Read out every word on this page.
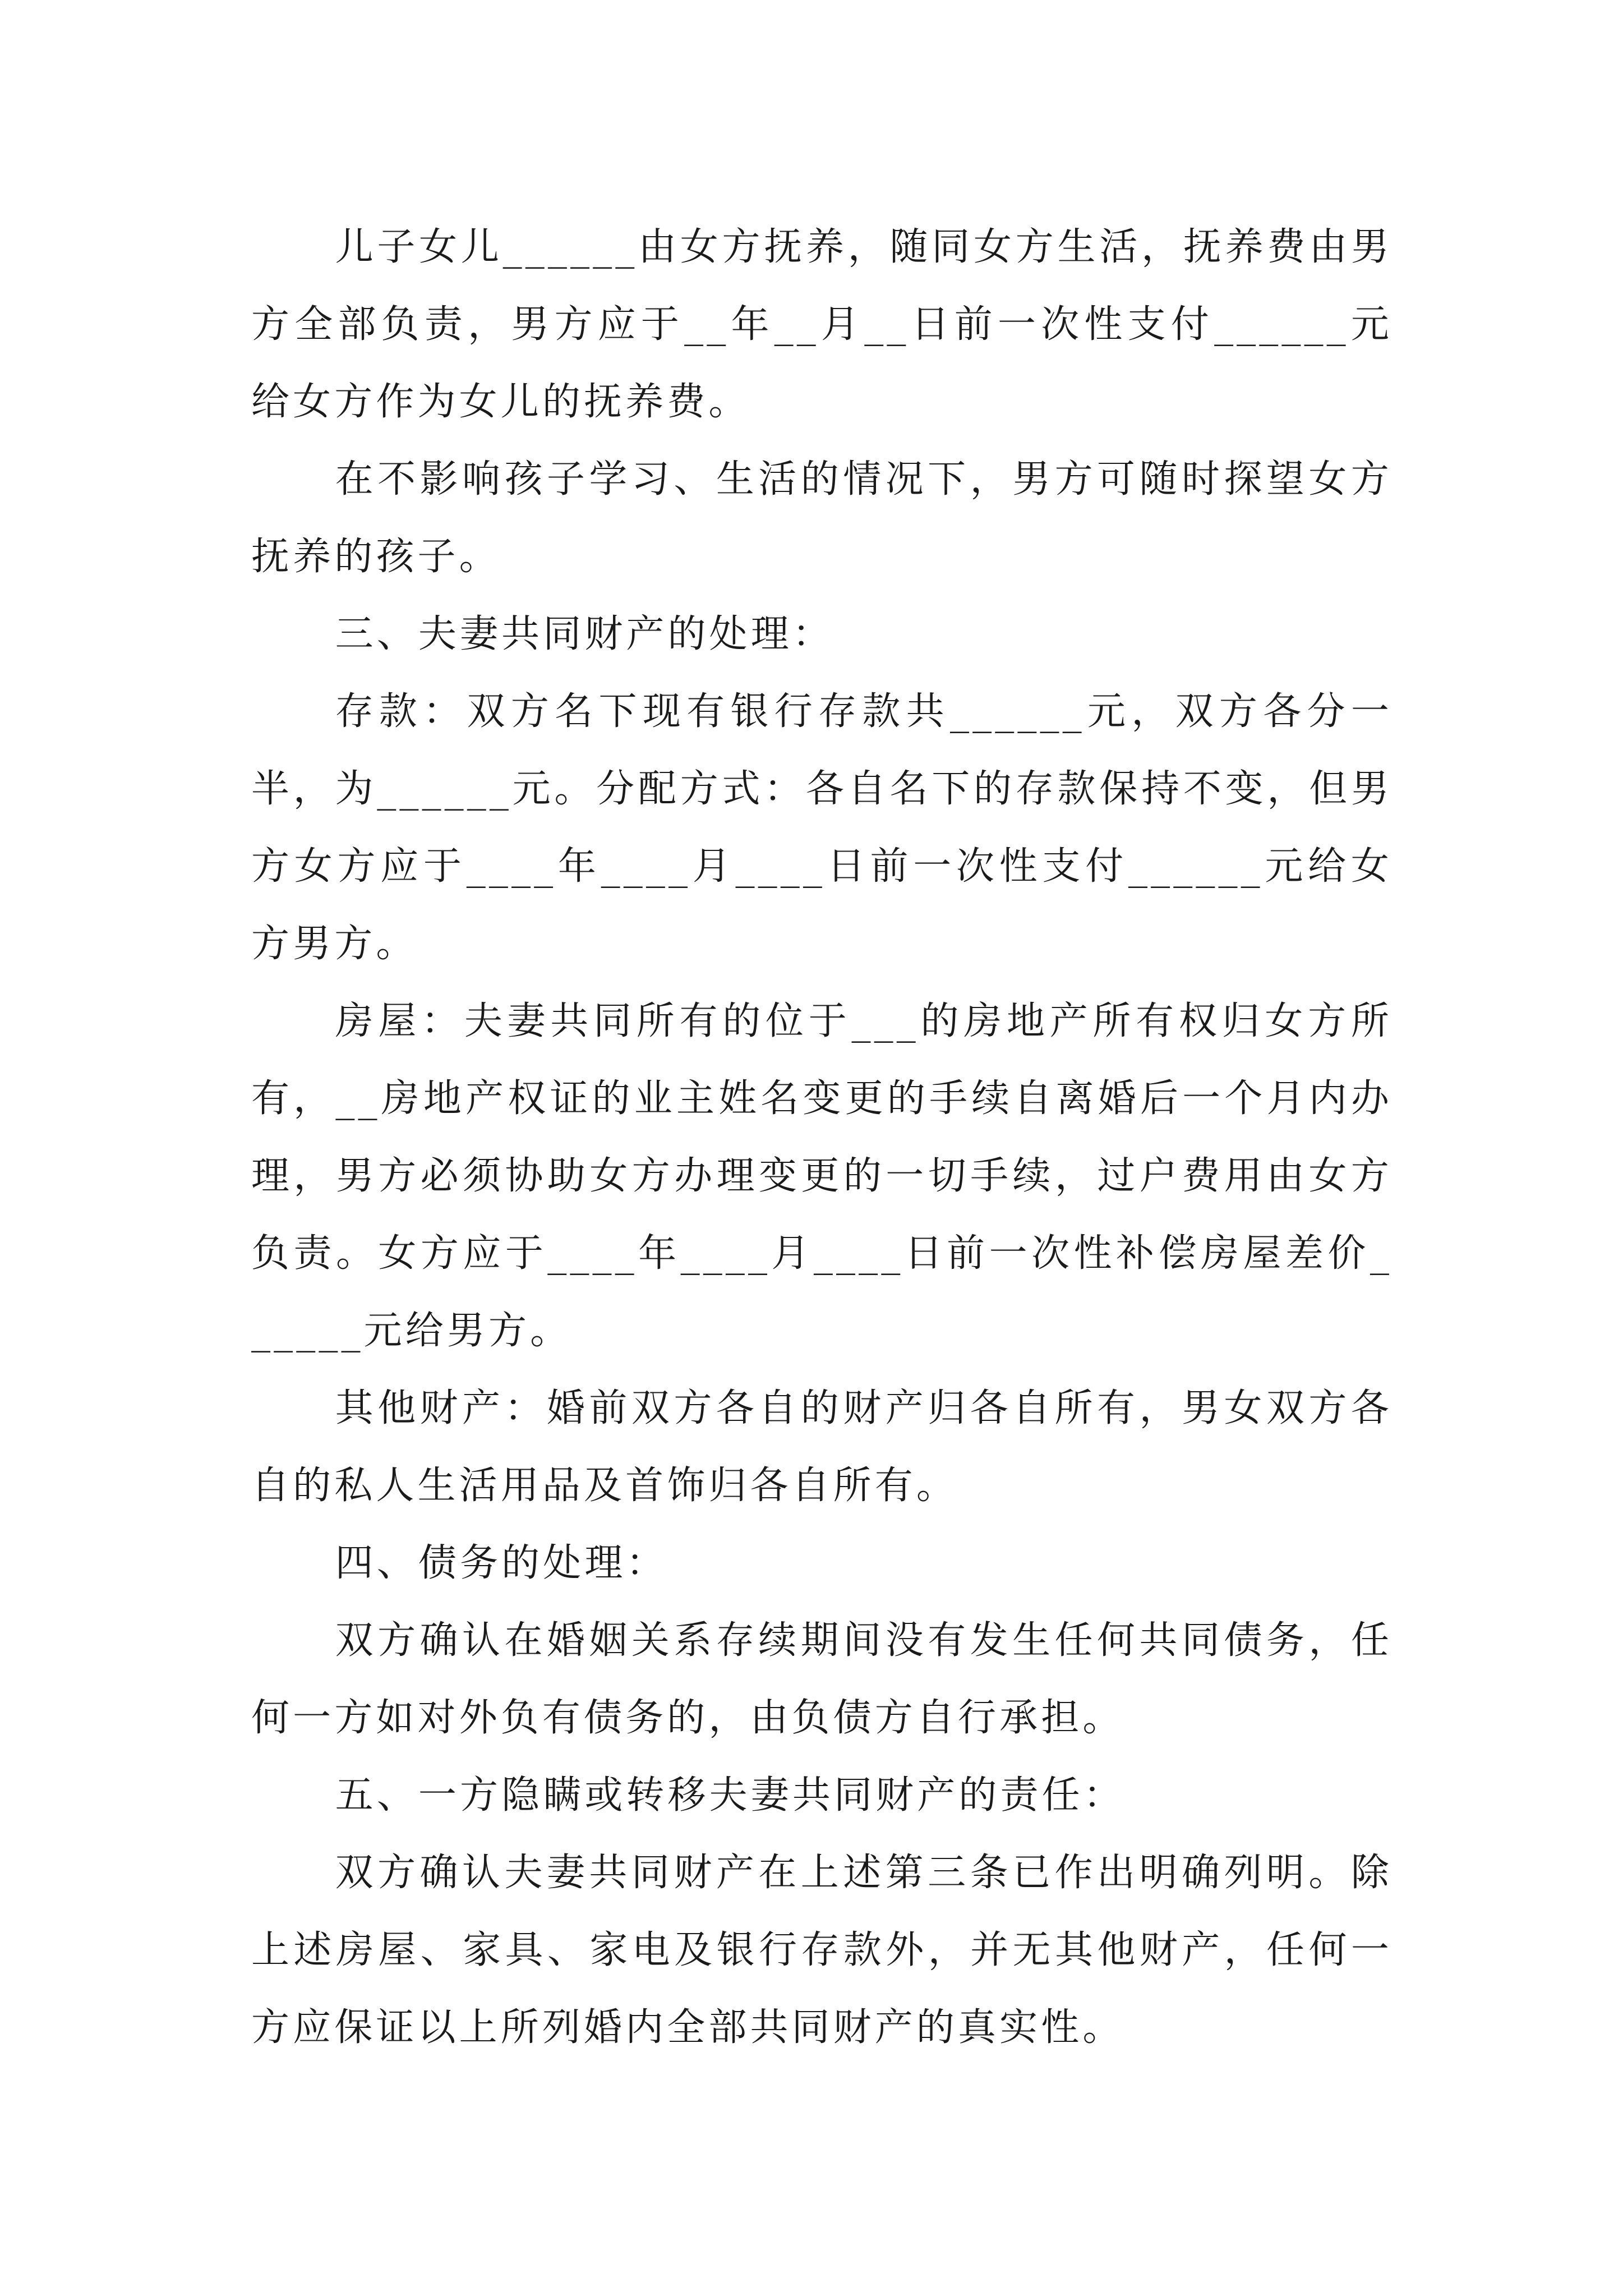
儿子女儿______由女方抚养，随同女方生活，抚养费由男方全部负责，男方应于__年__月__日前一次性支付______元给女方作为女儿的抚养费。

在不影响孩子学习、生活的情况下，男方可随时探望女方抚养的孩子。

三、夫妻共同财产的处理：

存款：双方名下现有银行存款共______元，双方各分一半，为______元。分配方式：各自名下的存款保持不变，但男方女方应于____年____月____日前一次性支付______元给女方男方。

房屋：夫妻共同所有的位于___的房地产所有权归女方所有，__房地产权证的业主姓名变更的手续自离婚后一个月内办理，男方必须协助女方办理变更的一切手续，过户费用由女方负责。女方应于____年____月____日前一次性补偿房屋差价______元给男方。

其他财产：婚前双方各自的财产归各自所有，男女双方各自的私人生活用品及首饰归各自所有。

四、债务的处理：

双方确认在婚姻关系存续期间没有发生任何共同债务，任何一方如对外负有债务的，由负债方自行承担。

五、一方隐瞒或转移夫妻共同财产的责任：

双方确认夫妻共同财产在上述第三条已作出明确列明。除上述房屋、家具、家电及银行存款外，并无其他财产，任何一方应保证以上所列婚内全部共同财产的真实性。
